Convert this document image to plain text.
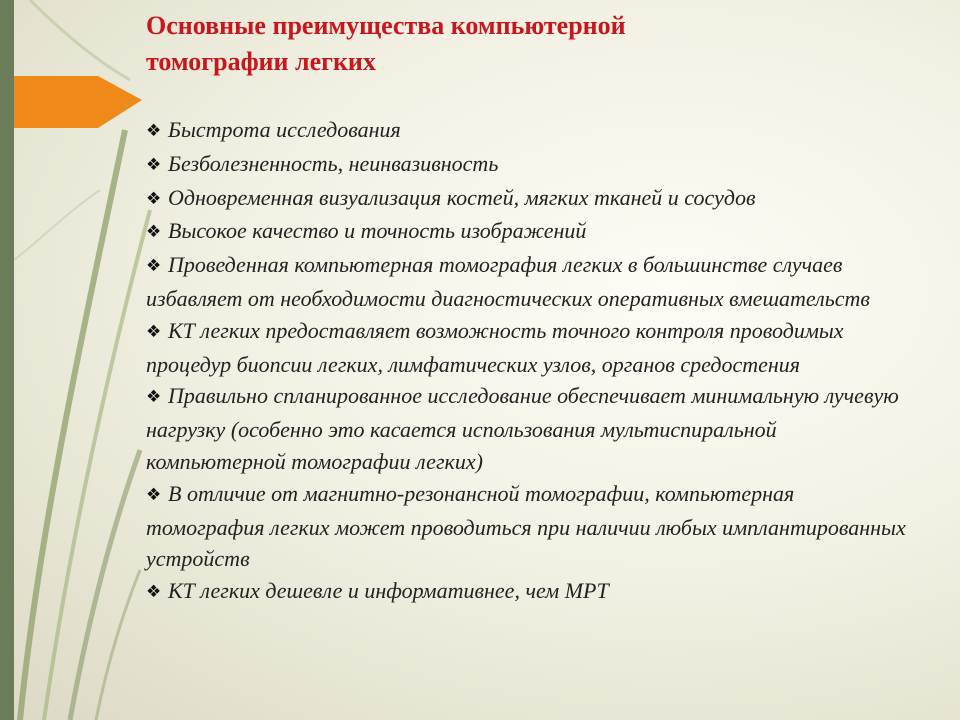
Основные преимущества компьютерной
томографии легких
❖ Быстрота исследования
❖ Безболезненность, неинвазивность
❖ Одновременная визуализация костей, мягких тканей и сосудов
❖ Высокое качество и точность изображений
❖ Проведенная компьютерная томография легких в большинстве случаев избавляет от необходимости диагностических оперативных вмешательств
❖ КТ легких предоставляет возможность точного контроля проводимых процедур биопсии легких, лимфатических узлов, органов средостения
❖ Правильно спланированное исследование обеспечивает минимальную лучевую нагрузку (особенно это касается использования мультиспиральной компьютерной томографии легких)
❖ В отличие от магнитно-резонансной томографии, компьютерная томография легких может проводиться при наличии любых имплантированных устройств
❖ КТ легких дешевле и информативнее, чем МРТ
